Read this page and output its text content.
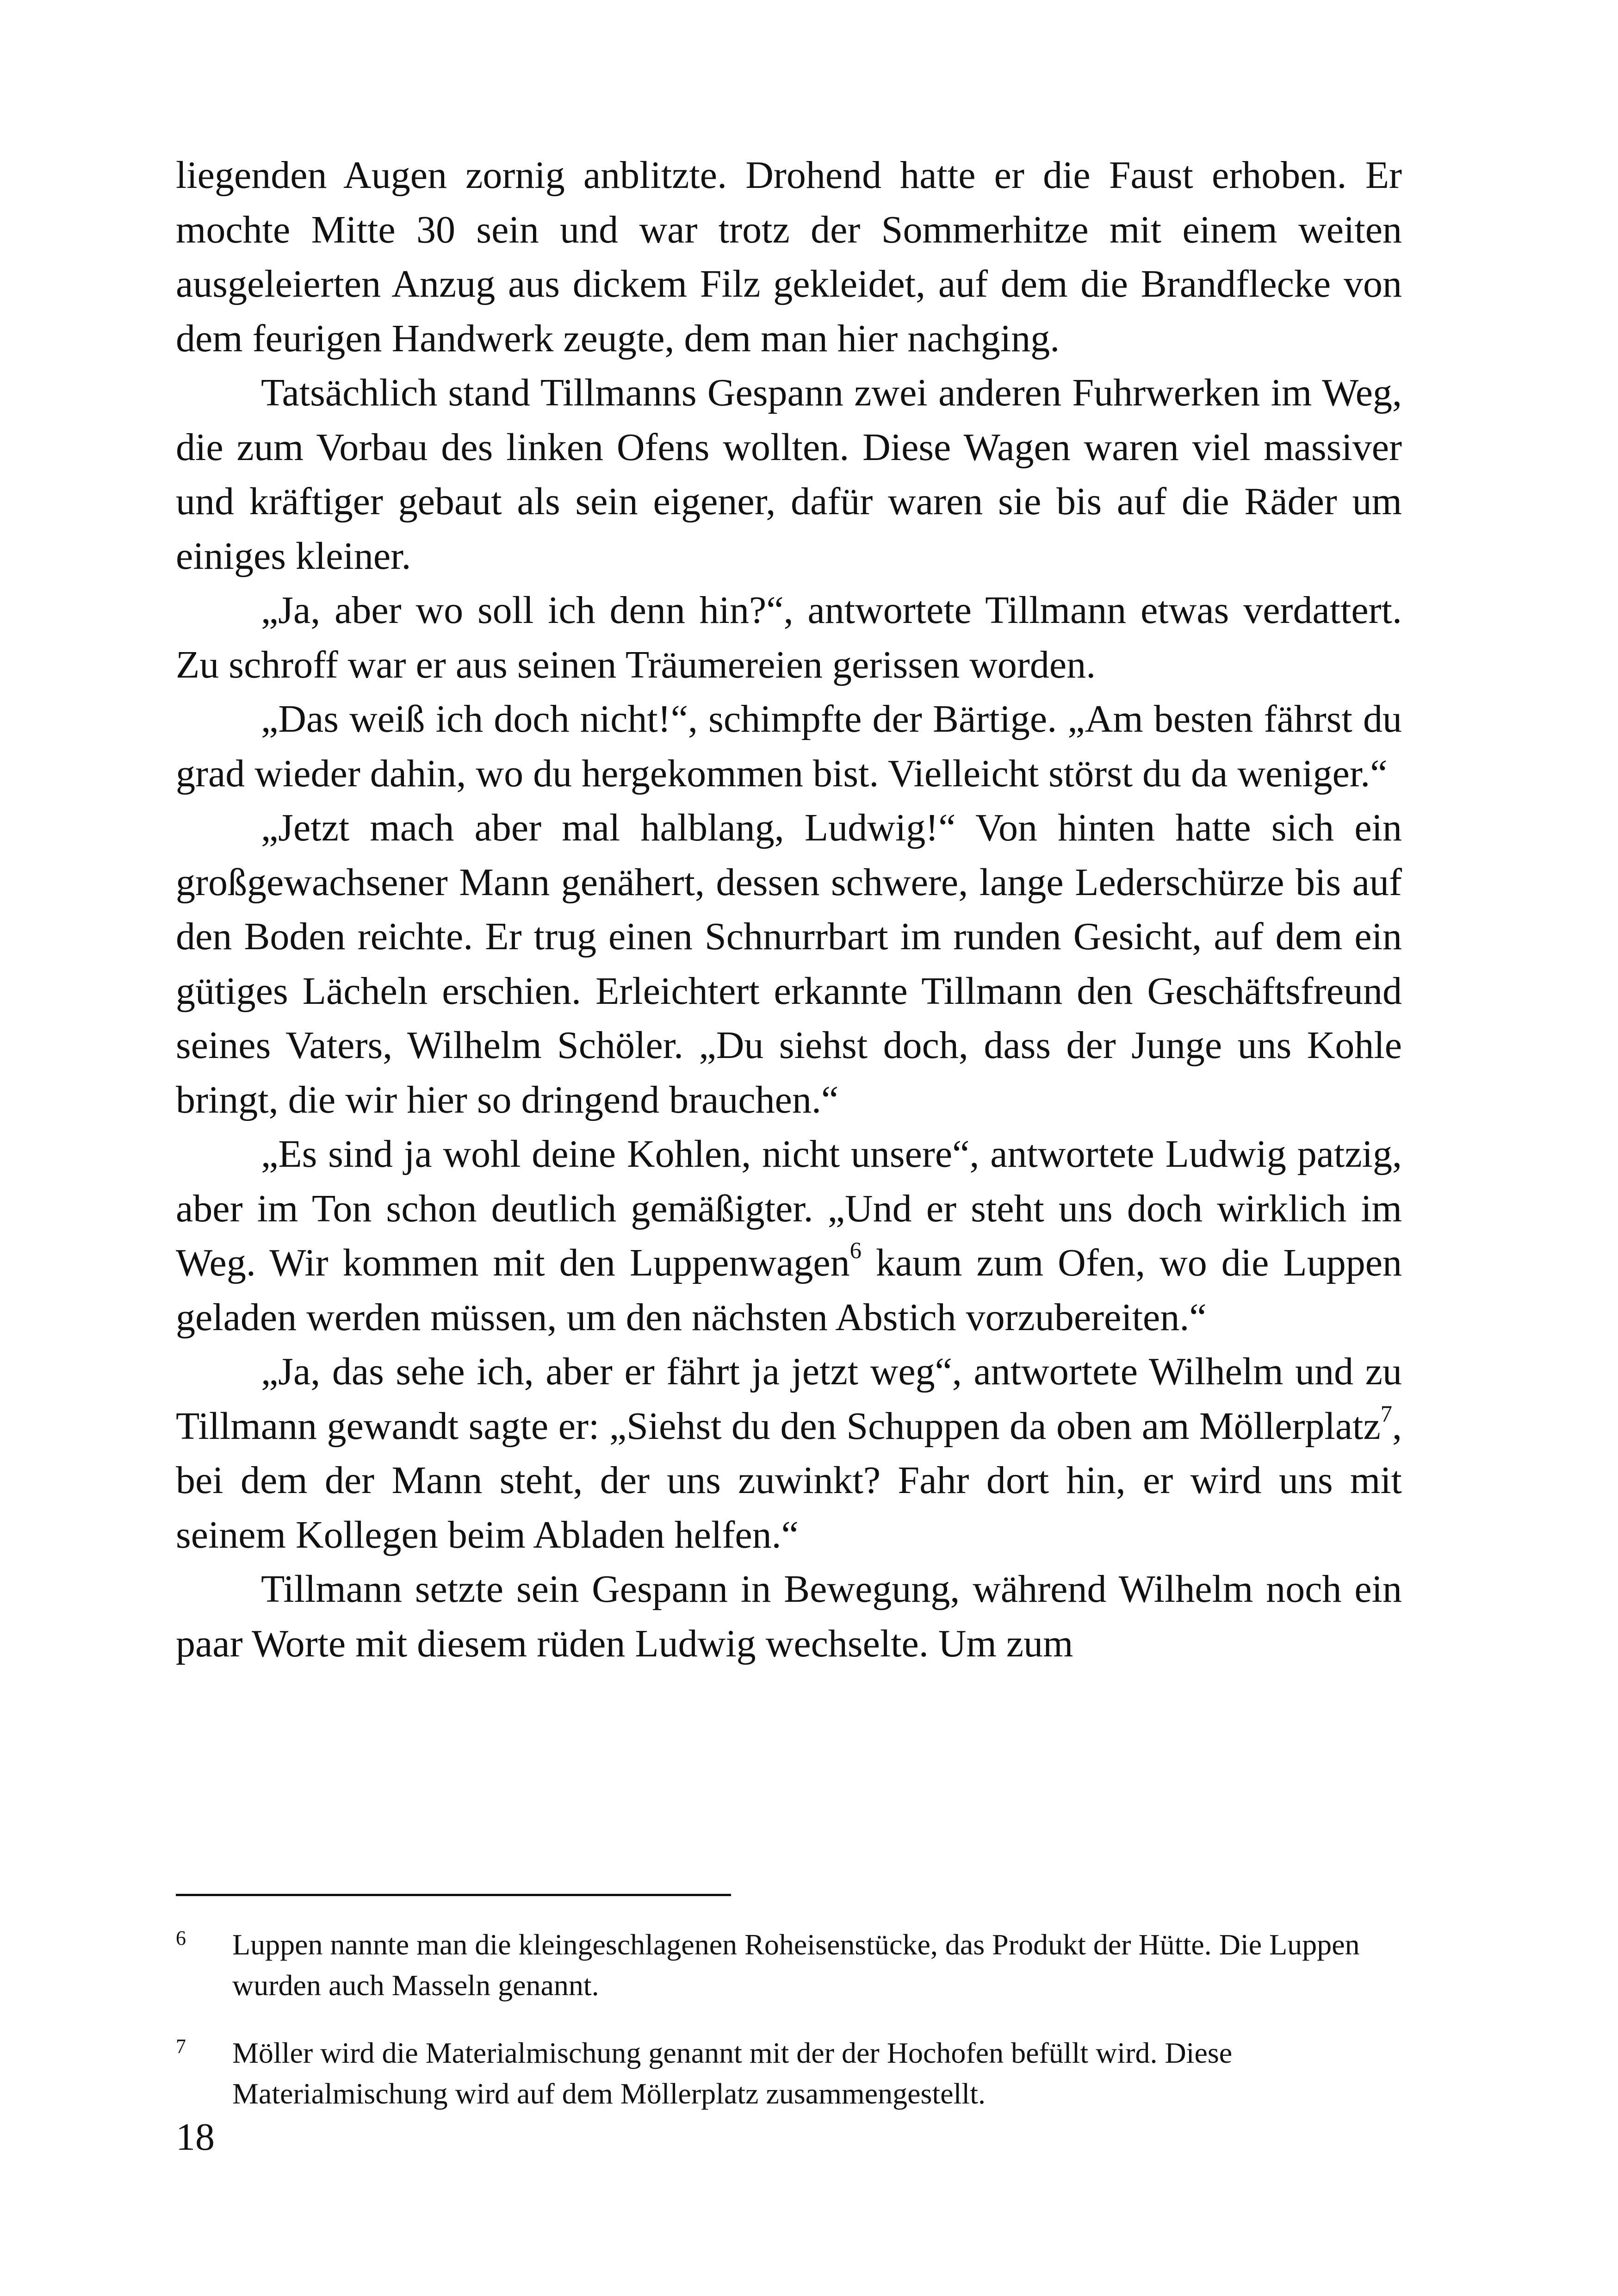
liegenden Augen zornig anblitzte. Drohend hatte er die Faust erhoben. Er mochte Mitte 30 sein und war trotz der Sommerhitze mit einem weiten ausgeleierten Anzug aus dickem Filz gekleidet, auf dem die Brandflecke von dem feurigen Handwerk zeugte, dem man hier nachging.

Tatsächlich stand Tillmanns Gespann zwei anderen Fuhrwerken im Weg, die zum Vorbau des linken Ofens wollten. Diese Wagen waren viel massiver und kräftiger gebaut als sein eigener, dafür waren sie bis auf die Räder um einiges kleiner.

„Ja, aber wo soll ich denn hin?“, antwortete Tillmann etwas verdattert. Zu schroff war er aus seinen Träumereien gerissen worden.

„Das weiß ich doch nicht!“, schimpfte der Bärtige. „Am besten fährst du grad wieder dahin, wo du hergekommen bist. Vielleicht störst du da weniger.“

„Jetzt mach aber mal halblang, Ludwig!“ Von hinten hatte sich ein großgewachsener Mann genähert, dessen schwere, lange Lederschürze bis auf den Boden reichte. Er trug einen Schnurrbart im runden Gesicht, auf dem ein gütiges Lächeln erschien. Erleichtert erkannte Tillmann den Geschäftsfreund seines Vaters, Wilhelm Schöler. „Du siehst doch, dass der Junge uns Kohle bringt, die wir hier so dringend brauchen.“

„Es sind ja wohl deine Kohlen, nicht unsere“, antwortete Ludwig patzig, aber im Ton schon deutlich gemäßigter. „Und er steht uns doch wirklich im Weg. Wir kommen mit den Luppenwagen$^6$ kaum zum Ofen, wo die Luppen geladen werden müssen, um den nächsten Abstich vorzubereiten.“

„Ja, das sehe ich, aber er fährt ja jetzt weg“, antwortete Wilhelm und zu Tillmann gewandt sagte er: „Siehst du den Schuppen da oben am Möllerplatz$^7$, bei dem der Mann steht, der uns zuwinkt? Fahr dort hin, er wird uns mit seinem Kollegen beim Abladen helfen.“

Tillmann setzte sein Gespann in Bewegung, während Wilhelm noch ein paar Worte mit diesem rüden Ludwig wechselte. Um zum

6 Luppen nannte man die kleingeschlagenen Roheisenstücke, das Produkt der Hütte. Die Luppen wurden auch Masseln genannt.
7 Möller wird die Materialmischung genannt mit der der Hochofen befüllt wird. Diese Materialmischung wird auf dem Möllerplatz zusammengestellt.
18
